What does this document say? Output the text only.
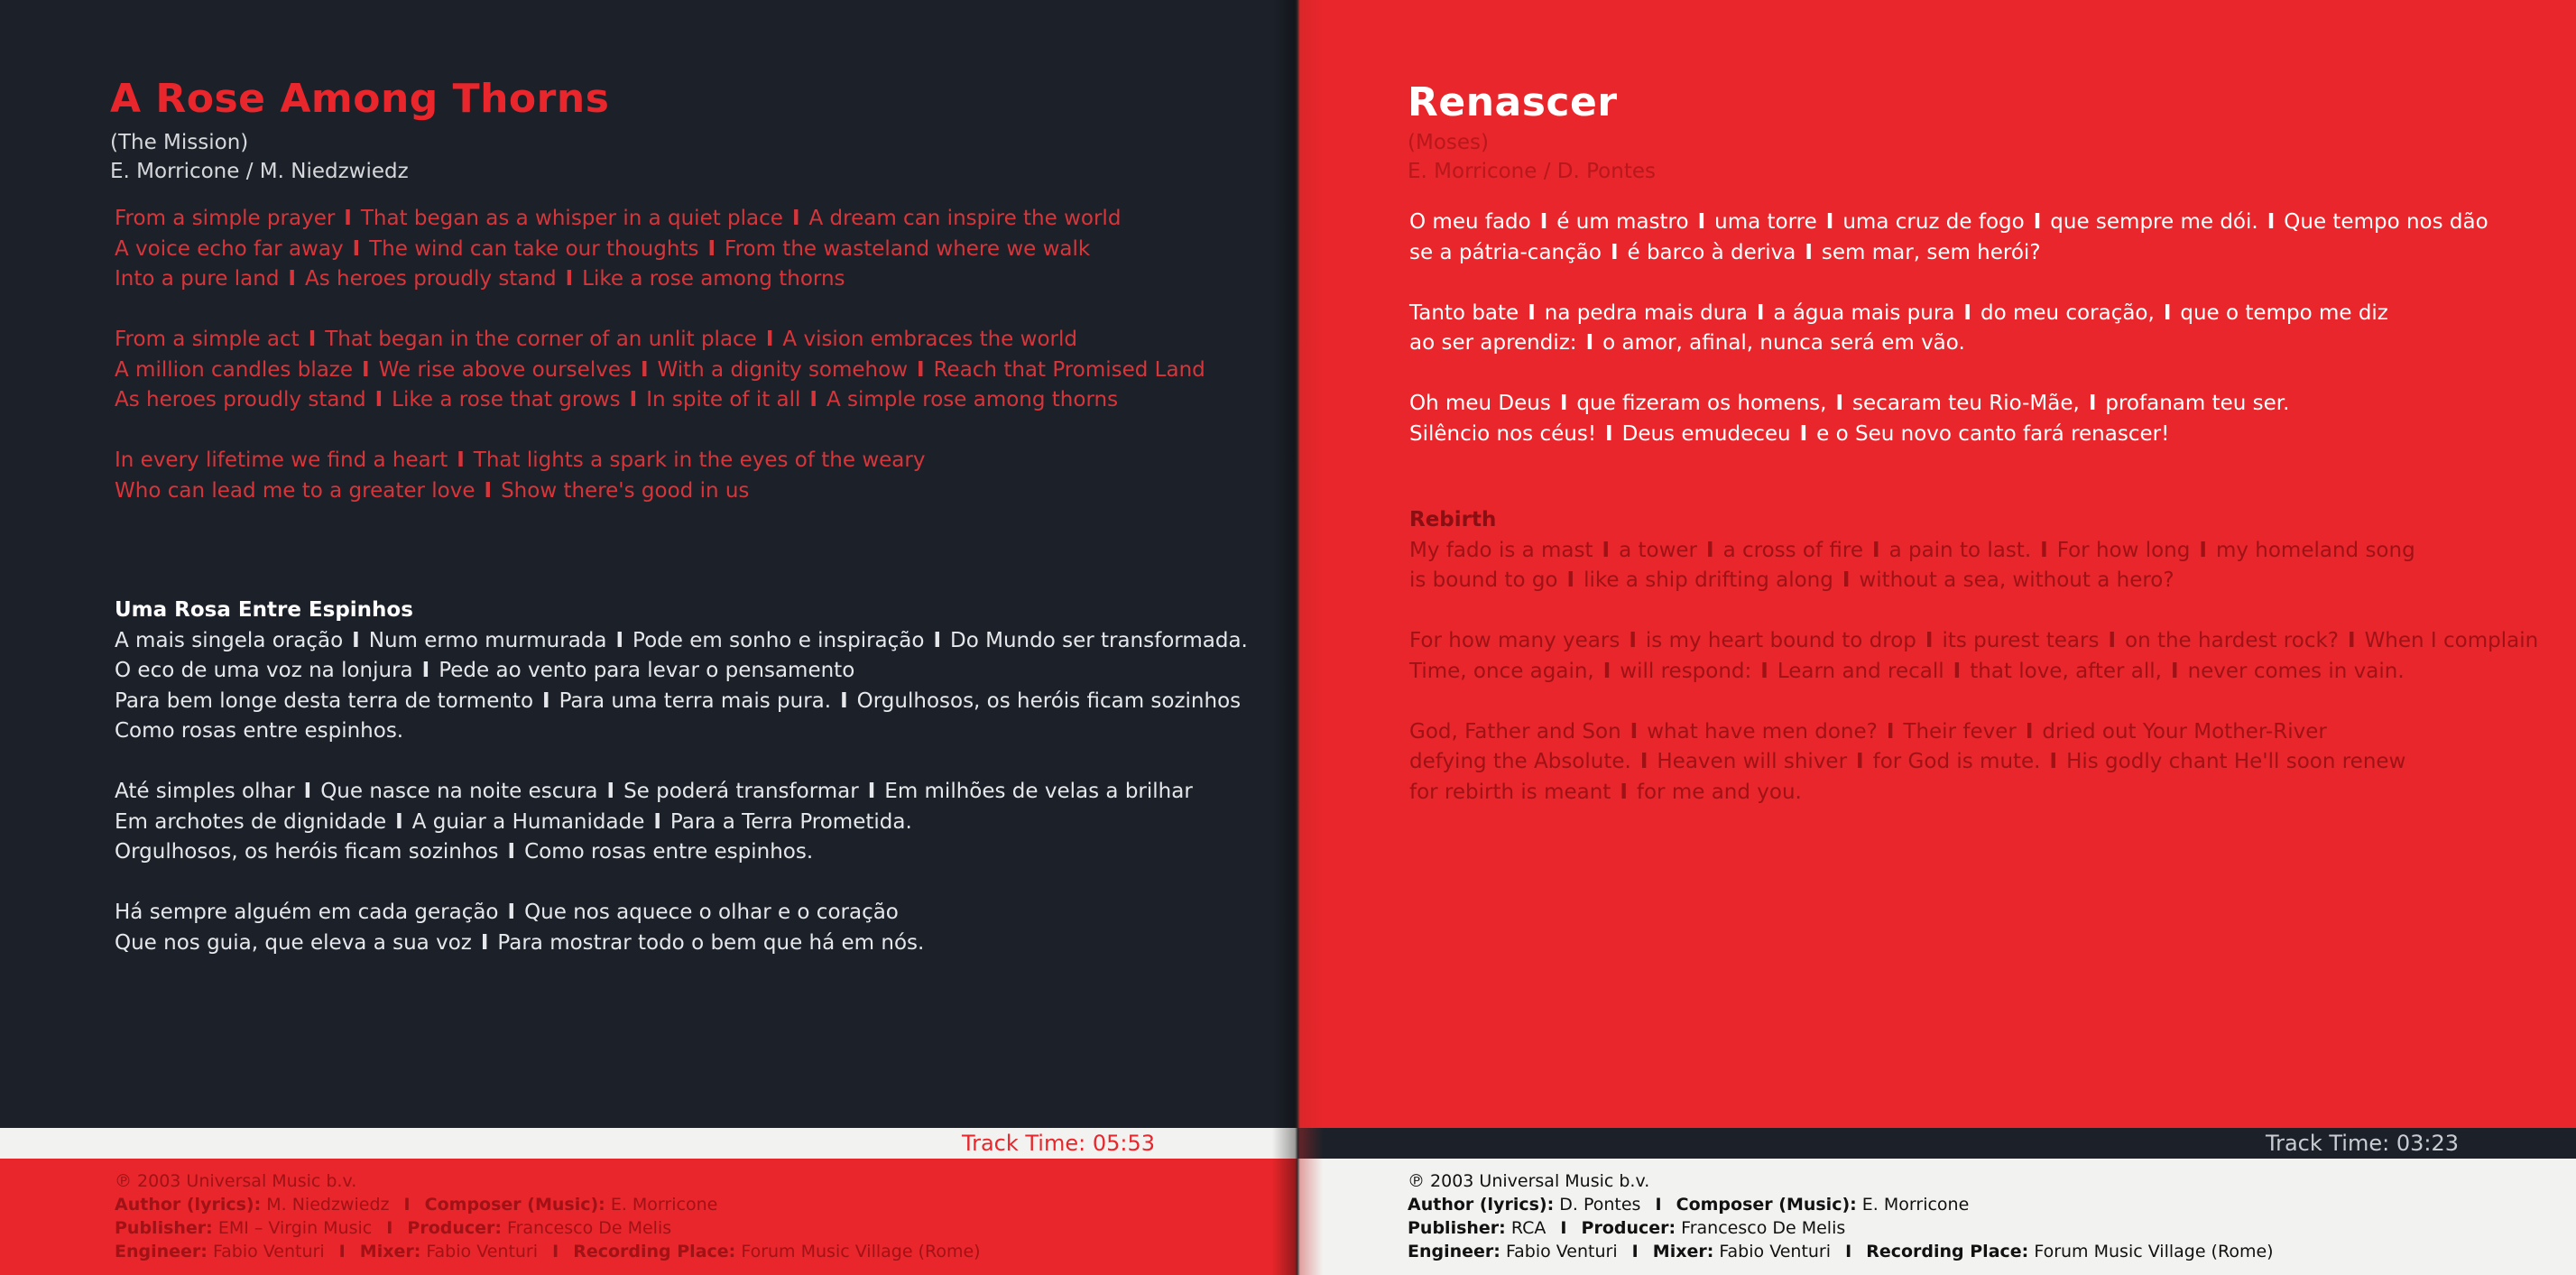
A Rose Among Thorns
(The Mission)
E. Morricone / M. Niedzwiedz

From a simple prayer I That began as a whisper in a quiet place I A dream can inspire the world

A voice echo far away I The wind can take our thoughts I From the wasteland where we walk

Into a pure land I As heroes proudly stand I Like a rose among thorns

From a simple act I That began in the corner of an unlit place I A vision embraces the world

A million candles blaze I We rise above ourselves I With a dignity somehow I Reach that Promised Land

As heroes proudly stand I Like a rose that grows I In spite of it all I A simple rose among thorns

In every lifetime we find a heart I That lights a spark in the eyes of the weary

Who can lead me to a greater love I Show there's good in us

Uma Rosa Entre Espinhos

A mais singela oração I Num ermo murmurada I Pode em sonho e inspiração I Do Mundo ser transformada.

O eco de uma voz na lonjura I Pede ao vento para levar o pensamento

Para bem longe desta terra de tormento I Para uma terra mais pura. I Orgulhosos, os heróis ficam sozinhos

Como rosas entre espinhos.

Até simples olhar I Que nasce na noite escura I Se poderá transformar I Em milhões de velas a brilhar

Em archotes de dignidade I A guiar a Humanidade I Para a Terra Prometida.

Orgulhosos, os heróis ficam sozinhos I Como rosas entre espinhos.

Há sempre alguém em cada geração I Que nos aquece o olhar e o coração

Que nos guia, que eleva a sua voz I Para mostrar todo o bem que há em nós.

Track Time: 05:53
℗ 2003 Universal Music b.v.
Author (lyrics): M. Niedzwiedz I Composer (Music): E. Morricone
Publisher: EMI – Virgin Music I Producer: Francesco De Melis
Engineer: Fabio Venturi I Mixer: Fabio Venturi I Recording Place: Forum Music Village (Rome)
Renascer
(Moses)
E. Morricone / D. Pontes

O meu fado I é um mastro I uma torre I uma cruz de fogo I que sempre me dói. I Que tempo nos dão

se a pátria-canção I é barco à deriva I sem mar, sem herói?

Tanto bate I na pedra mais dura I a água mais pura I do meu coração, I que o tempo me diz

ao ser aprendiz: I o amor, afinal, nunca será em vão.

Oh meu Deus I que fizeram os homens, I secaram teu Rio-Mãe, I profanam teu ser.

Silêncio nos céus! I Deus emudeceu I e o Seu novo canto fará renascer!

Rebirth

My fado is a mast I a tower I a cross of fire I a pain to last. I For how long I my homeland song

is bound to go I like a ship drifting along I without a sea, without a hero?

For how many years I is my heart bound to drop I its purest tears I on the hardest rock? I When I complain

Time, once again, I will respond: I Learn and recall I that love, after all, I never comes in vain.

God, Father and Son I what have men done? I Their fever I dried out Your Mother-River

defying the Absolute. I Heaven will shiver I for God is mute. I His godly chant He'll soon renew

for rebirth is meant I for me and you.

Track Time: 03:23
℗ 2003 Universal Music b.v.
Author (lyrics): D. Pontes I Composer (Music): E. Morricone
Publisher: RCA I Producer: Francesco De Melis
Engineer: Fabio Venturi I Mixer: Fabio Venturi I Recording Place: Forum Music Village (Rome)
